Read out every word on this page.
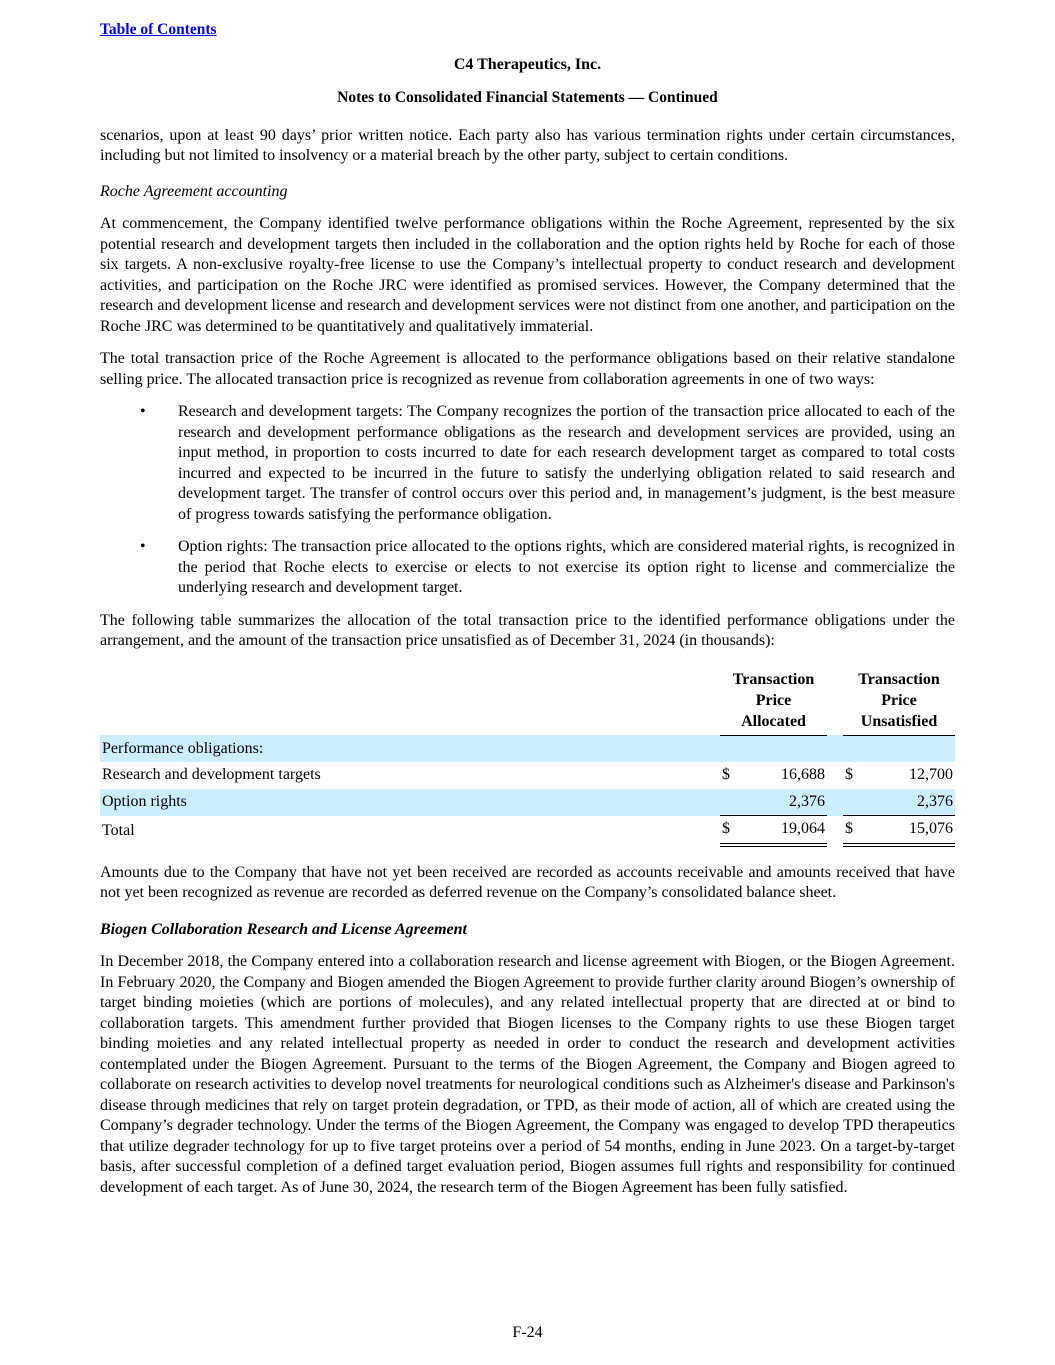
Table of Contents
C4 Therapeutics, Inc.
Notes to Consolidated Financial Statements — Continued

scenarios, upon at least 90 days’ prior written notice. Each party also has various termination rights under certain circumstances, including but not limited to insolvency or a material breach by the other party, subject to certain conditions.

Roche Agreement accounting

At commencement, the Company identified twelve performance obligations within the Roche Agreement, represented by the six potential research and development targets then included in the collaboration and the option rights held by Roche for each of those six targets. A non-exclusive royalty-free license to use the Company’s intellectual property to conduct research and development activities, and participation on the Roche JRC were identified as promised services. However, the Company determined that the research and development license and research and development services were not distinct from one another, and participation on the Roche JRC was determined to be quantitatively and qualitatively immaterial.

The total transaction price of the Roche Agreement is allocated to the performance obligations based on their relative standalone selling price. The allocated transaction price is recognized as revenue from collaboration agreements in one of two ways:

• Research and development targets: The Company recognizes the portion of the transaction price allocated to each of the research and development performance obligations as the research and development services are provided, using an input method, in proportion to costs incurred to date for each research development target as compared to total costs incurred and expected to be incurred in the future to satisfy the underlying obligation related to said research and development target. The transfer of control occurs over this period and, in management’s judgment, is the best measure of progress towards satisfying the performance obligation.

• Option rights: The transaction price allocated to the options rights, which are considered material rights, is recognized in the period that Roche elects to exercise or elects to not exercise its option right to license and commercialize the underlying research and development target.

The following table summarizes the allocation of the total transaction price to the identified performance obligations under the arrangement, and the amount of the transaction price unsatisfied as of December 31, 2024 (in thousands):

Transaction
Price
Allocated

Transaction
Price
Unsatisfied

Performance obligations:						
Research and development targets		$	16,688		$	12,700
Option rights			2,376			2,376
Total		$	19,064		$	15,076

Amounts due to the Company that have not yet been received are recorded as accounts receivable and amounts received that have not yet been recognized as revenue are recorded as deferred revenue on the Company’s consolidated balance sheet.

Biogen Collaboration Research and License Agreement

In December 2018, the Company entered into a collaboration research and license agreement with Biogen, or the Biogen Agreement. In February 2020, the Company and Biogen amended the Biogen Agreement to provide further clarity around Biogen’s ownership of target binding moieties (which are portions of molecules), and any related intellectual property that are directed at or bind to collaboration targets. This amendment further provided that Biogen licenses to the Company rights to use these Biogen target binding moieties and any related intellectual property as needed in order to conduct the research and development activities contemplated under the Biogen Agreement. Pursuant to the terms of the Biogen Agreement, the Company and Biogen agreed to collaborate on research activities to develop novel treatments for neurological conditions such as Alzheimer's disease and Parkinson's disease through medicines that rely on target protein degradation, or TPD, as their mode of action, all of which are created using the Company’s degrader technology. Under the terms of the Biogen Agreement, the Company was engaged to develop TPD therapeutics that utilize degrader technology for up to five target proteins over a period of 54 months, ending in June 2023. On a target-by-target basis, after successful completion of a defined target evaluation period, Biogen assumes full rights and responsibility for continued development of each target. As of June 30, 2024, the research term of the Biogen Agreement has been fully satisfied.

F-24
